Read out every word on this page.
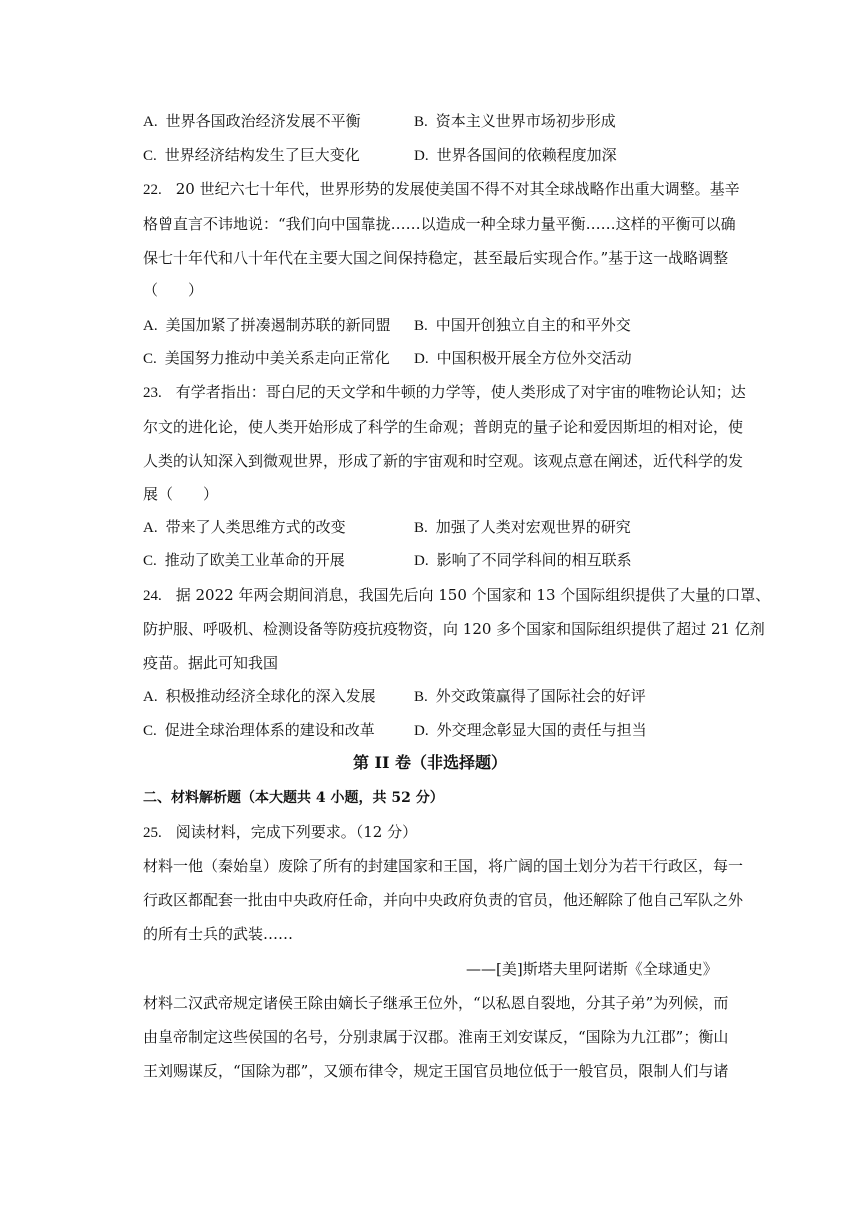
A. 世界各国政治经济发展不平衡	B. 资本主义世界市场初步形成
C. 世界经济结构发生了巨大变化	D. 世界各国间的依赖程度加深
22. 20 世纪六七十年代，世界形势的发展使美国不得不对其全球战略作出重大调整。基辛
格曾直言不讳地说：“我们向中国靠拢……以造成一种全球力量平衡……这样的平衡可以确
保七十年代和八十年代在主要大国之间保持稳定，甚至最后实现合作。”基于这一战略调整
（　　）
A. 美国加紧了拼凑遏制苏联的新同盟 B. 中国开创独立自主的和平外交
C. 美国努力推动中美关系走向正常化 D. 中国积极开展全方位外交活动
23. 有学者指出：哥白尼的天文学和牛顿的力学等，使人类形成了对宇宙的唯物论认知；达
尔文的进化论，使人类开始形成了科学的生命观；普朗克的量子论和爱因斯坦的相对论，使
人类的认知深入到微观世界，形成了新的宇宙观和时空观。该观点意在阐述，近代科学的发
展（　　）
A. 带来了人类思维方式的改变	B. 加强了人类对宏观世界的研究
C. 推动了欧美工业革命的开展	D. 影响了不同学科间的相互联系
24. 据 2022 年两会期间消息，我国先后向 150 个国家和 13 个国际组织提供了大量的口罩、
防护服、呼吸机、检测设备等防疫抗疫物资，向 120 多个国家和国际组织提供了超过 21 亿剂
疫苗。据此可知我国
A. 积极推动经济全球化的深入发展	B. 外交政策赢得了国际社会的好评
C. 促进全球治理体系的建设和改革	D. 外交理念彰显大国的责任与担当
第 II 卷（非选择题）
二、材料解析题（本大题共 4 小题，共 52 分）
25. 阅读材料，完成下列要求。（12 分）
材料一他（秦始皇）废除了所有的封建国家和王国，将广阔的国土划分为若干行政区，每一
行政区都配套一批由中央政府任命，并向中央政府负责的官员，他还解除了他自己军队之外
的所有士兵的武装……
——[美]斯塔夫里阿诺斯《全球通史》
材料二汉武帝规定诸侯王除由嫡长子继承王位外，“以私恩自裂地，分其子弟”为列候，而
由皇帝制定这些侯国的名号，分别隶属于汉郡。淮南王刘安谋反，“国除为九江郡”；衡山
王刘赐谋反，“国除为郡”，又颁布律令，规定王国官员地位低于一般官员，限制人们与诸
